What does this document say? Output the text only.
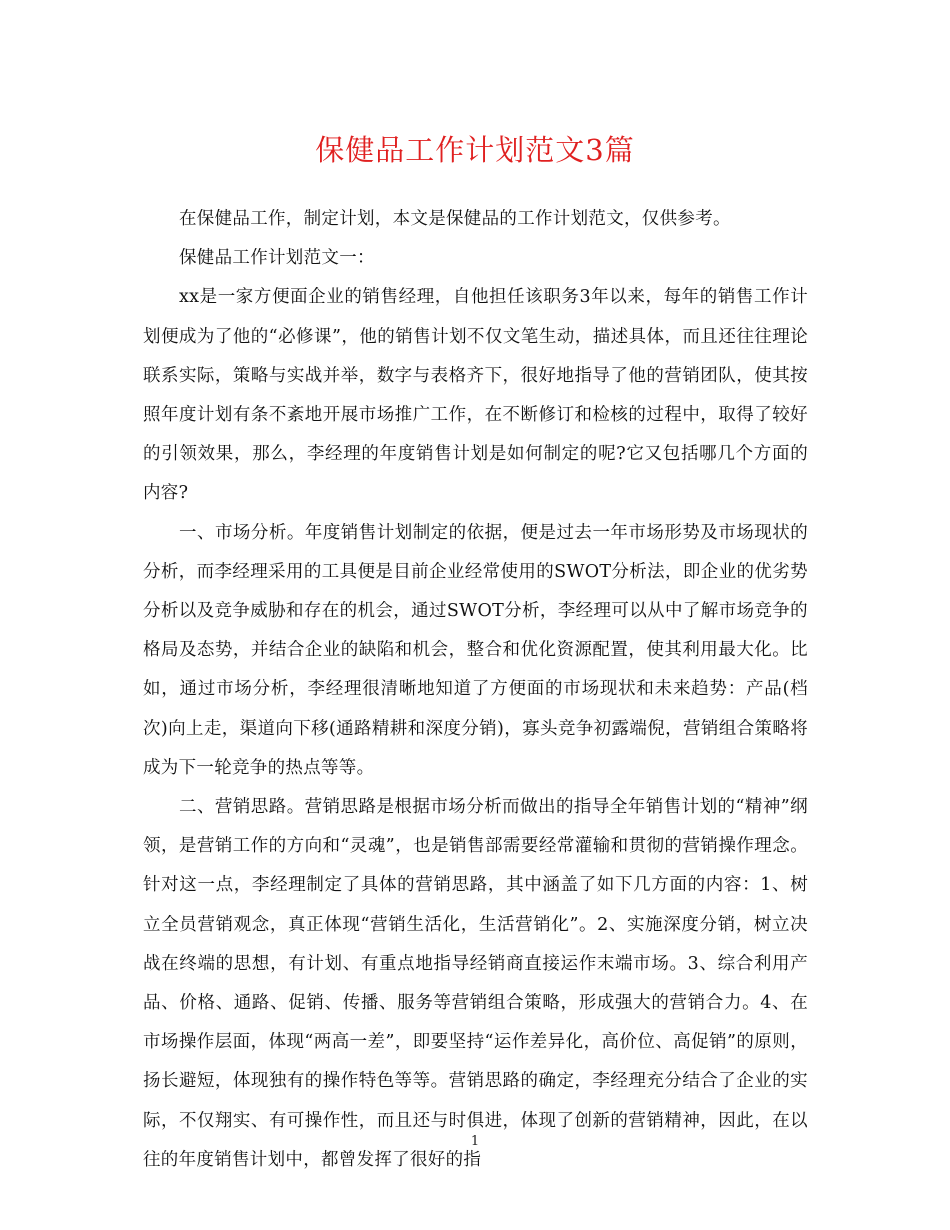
保健品工作计划范文3篇

在保健品工作，制定计划，本文是保健品的工作计划范文，仅供参考。

保健品工作计划范文一：

xx是一家方便面企业的销售经理，自他担任该职务3年以来，每年的销售工作计划便成为了他的“必修课”，他的销售计划不仅文笔生动，描述具体，而且还往往理论联系实际，策略与实战并举，数字与表格齐下，很好地指导了他的营销团队，使其按照年度计划有条不紊地开展市场推广工作，在不断修订和检核的过程中，取得了较好的引领效果，那么，李经理的年度销售计划是如何制定的呢?它又包括哪几个方面的内容?

一、市场分析。年度销售计划制定的依据，便是过去一年市场形势及市场现状的分析，而李经理采用的工具便是目前企业经常使用的SWOT分析法，即企业的优劣势分析以及竞争威胁和存在的机会，通过SWOT分析，李经理可以从中了解市场竞争的格局及态势，并结合企业的缺陷和机会，整合和优化资源配置，使其利用最大化。比如，通过市场分析，李经理很清晰地知道了方便面的市场现状和未来趋势：产品(档次)向上走，渠道向下移(通路精耕和深度分销)，寡头竞争初露端倪，营销组合策略将成为下一轮竞争的热点等等。

二、营销思路。营销思路是根据市场分析而做出的指导全年销售计划的“精神”纲领，是营销工作的方向和“灵魂”，也是销售部需要经常灌输和贯彻的营销操作理念。针对这一点，李经理制定了具体的营销思路，其中涵盖了如下几方面的内容：1、树立全员营销观念，真正体现“营销生活化，生活营销化”。2、实施深度分销，树立决战在终端的思想，有计划、有重点地指导经销商直接运作末端市场。3、综合利用产品、价格、通路、促销、传播、服务等营销组合策略，形成强大的营销合力。4、在市场操作层面，体现“两高一差”，即要坚持“运作差异化，高价位、高促销”的原则，扬长避短，体现独有的操作特色等等。营销思路的确定，李经理充分结合了企业的实际，不仅翔实、有可操作性，而且还与时俱进，体现了创新的营销精神，因此，在以往的年度销售计划中，都曾发挥了很好的指

1
